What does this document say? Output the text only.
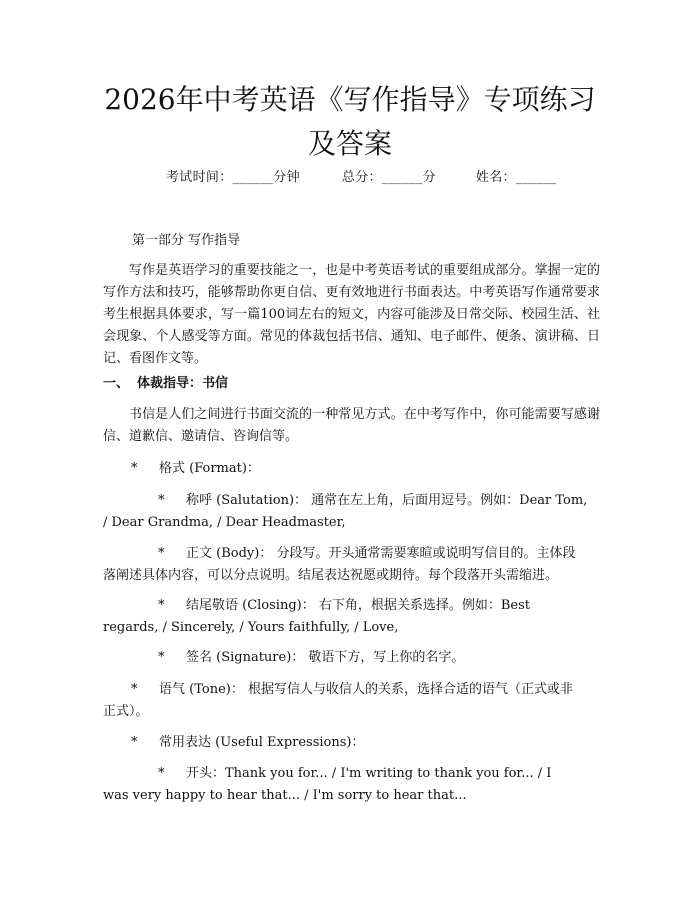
2026年中考英语《写作指导》专项练习及答案
考试时间：______分钟	总分：______分	姓名：______
第一部分 写作指导

写作是英语学习的重要技能之一，也是中考英语考试的重要组成部分。掌握一定的写作方法和技巧，能够帮助你更自信、更有效地进行书面表达。中考英语写作通常要求考生根据具体要求，写一篇100词左右的短文，内容可能涉及日常交际、校园生活、社会现象、个人感受等方面。常见的体裁包括书信、通知、电子邮件、便条、演讲稿、日记、看图作文等。

一、 体裁指导：书信

书信是人们之间进行书面交流的一种常见方式。在中考写作中，你可能需要写感谢信、道歉信、邀请信、咨询信等。

* 格式 (Format)：
* 称呼 (Salutation)： 通常在左上角，后面用逗号。例如：Dear Tom,
/ Dear Grandma, / Dear Headmaster,
* 正文 (Body)： 分段写。开头通常需要寒暄或说明写信目的。主体段
落阐述具体内容，可以分点说明。结尾表达祝愿或期待。每个段落开头需缩进。
* 结尾敬语 (Closing)： 右下角，根据关系选择。例如：Best
regards, / Sincerely, / Yours faithfully, / Love,
* 签名 (Signature)： 敬语下方，写上你的名字。
* 语气 (Tone)： 根据写信人与收信人的关系，选择合适的语气（正式或非
正式）。
* 常用表达 (Useful Expressions)：
* 开头：Thank you for... / I'm writing to thank you for... / I
was very happy to hear that... / I'm sorry to hear that...
